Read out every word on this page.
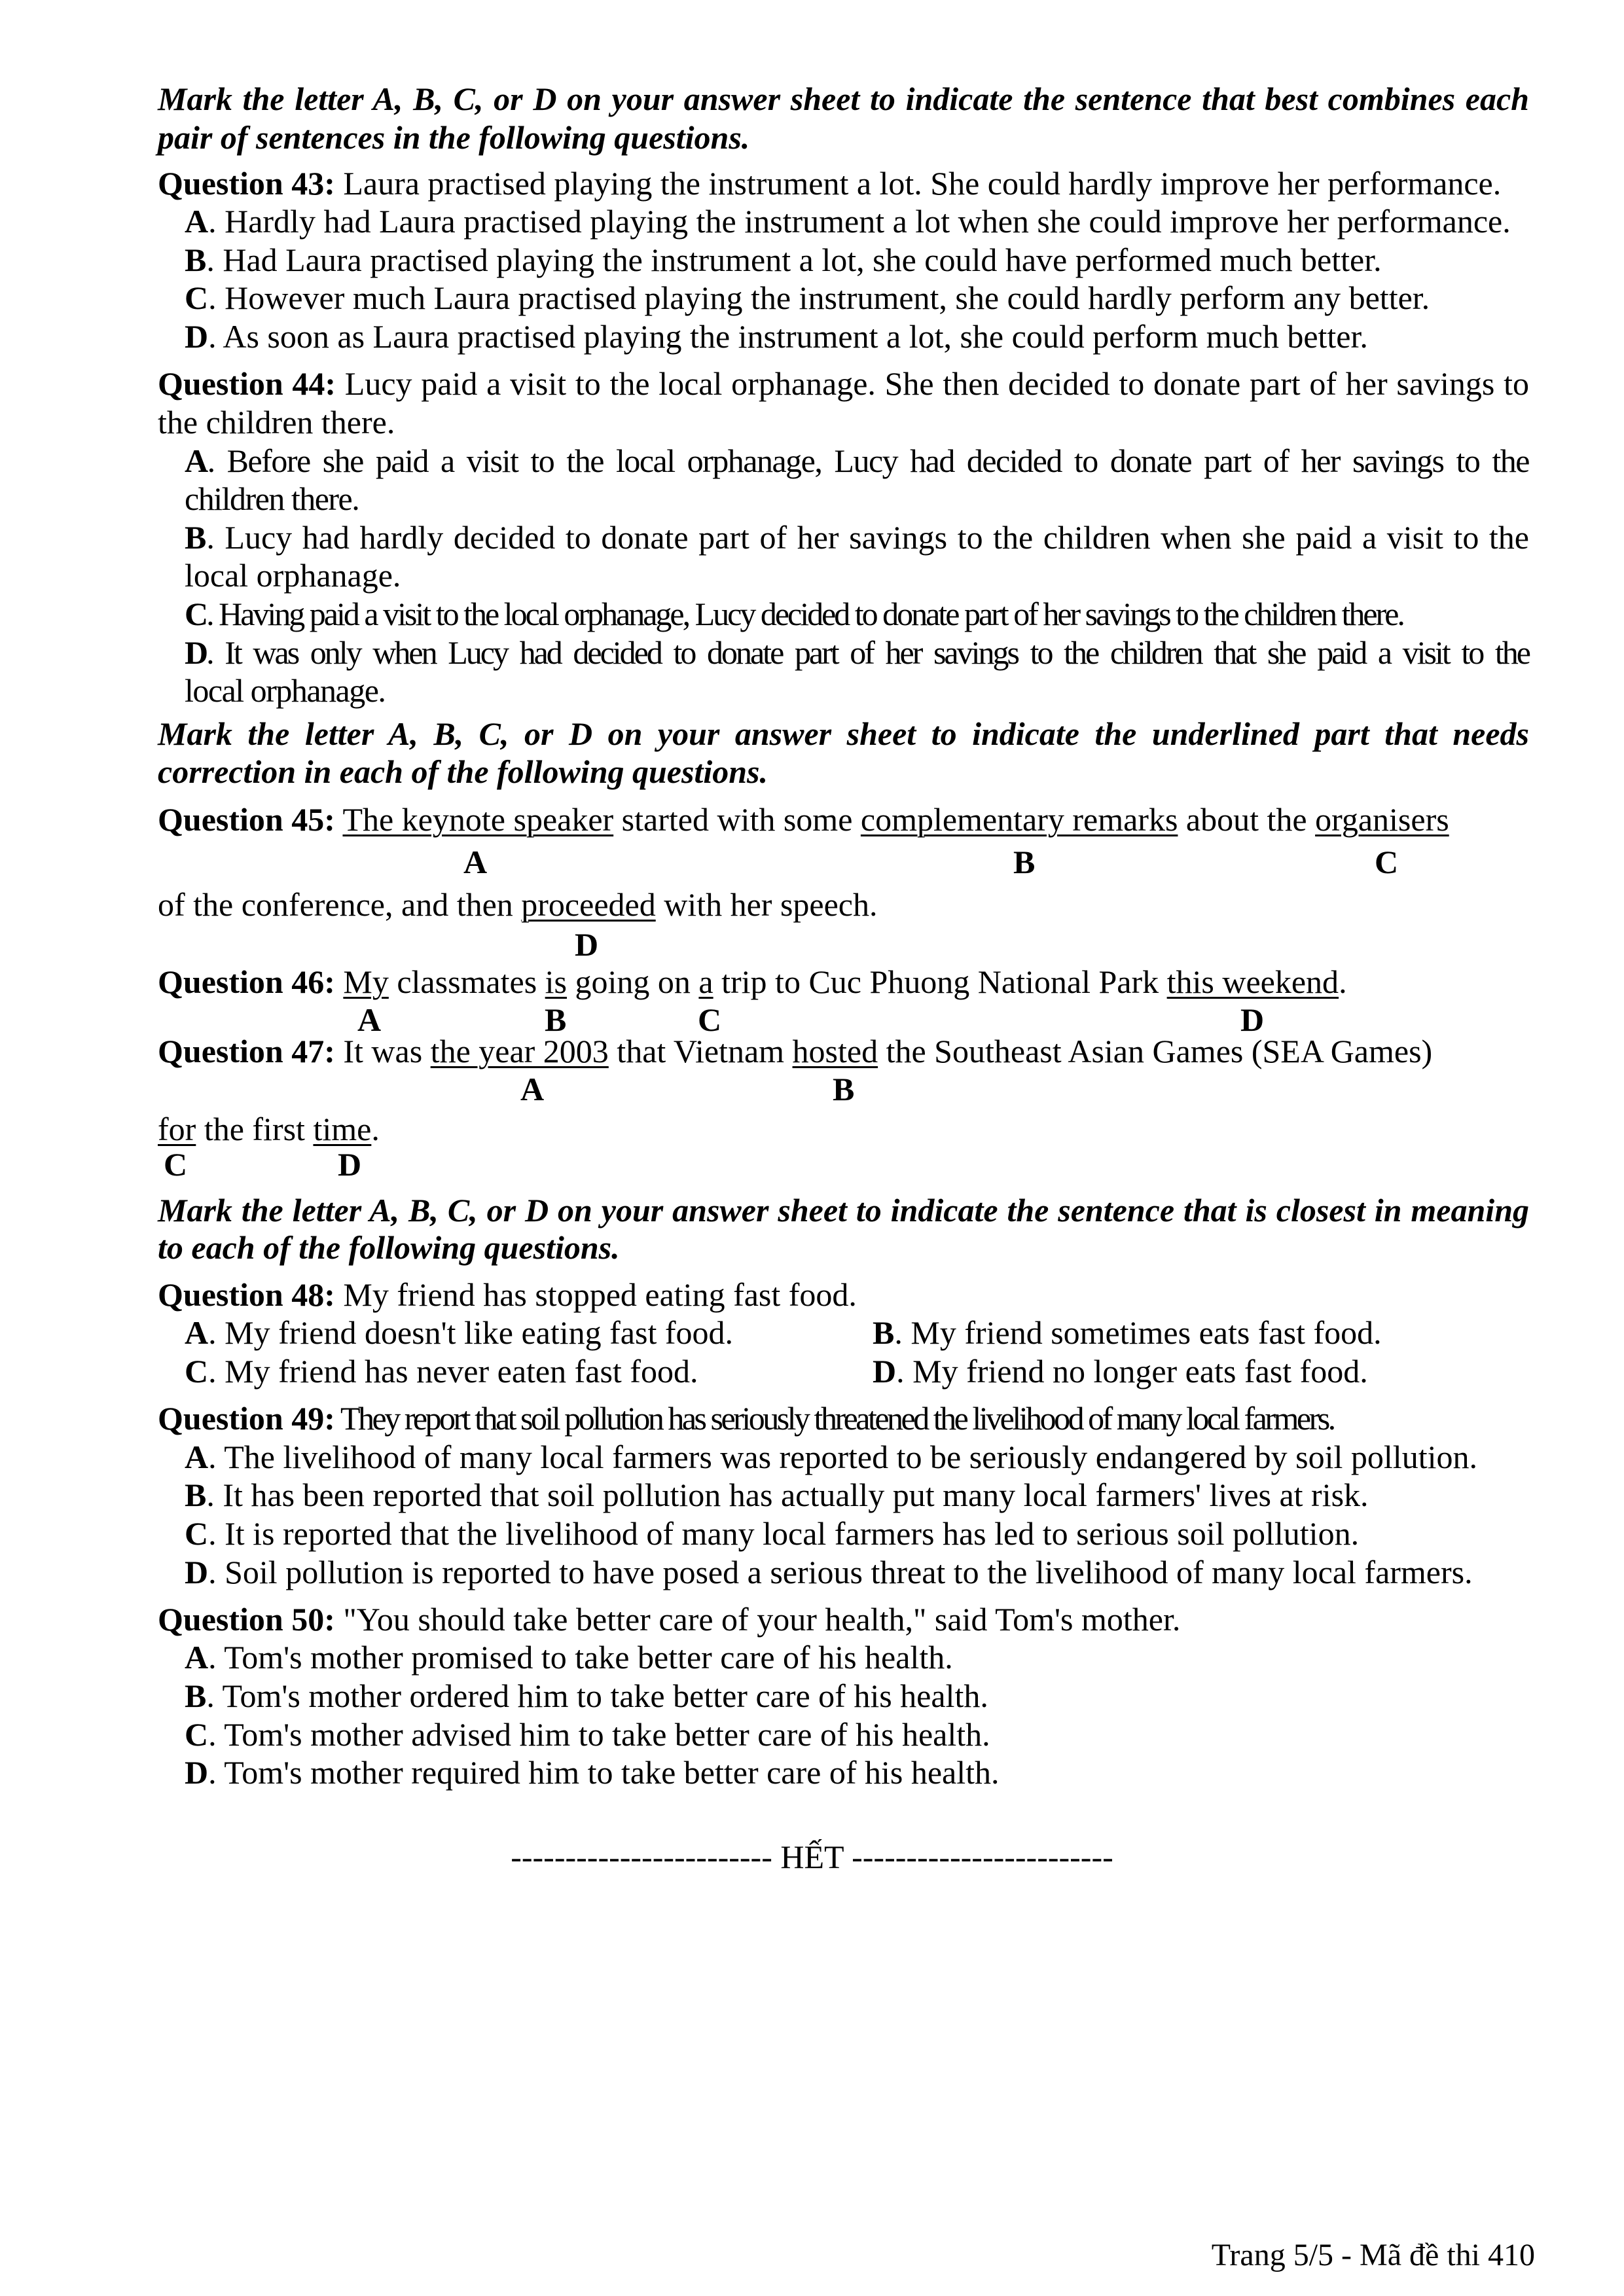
Mark the letter A, B, C, or D on your answer sheet to indicate the sentence that best combines each
pair of sentences in the following questions.
Question 43: Laura practised playing the instrument a lot. She could hardly improve her performance.
A. Hardly had Laura practised playing the instrument a lot when she could improve her performance.
B. Had Laura practised playing the instrument a lot, she could have performed much better.
C. However much Laura practised playing the instrument, she could hardly perform any better.
D. As soon as Laura practised playing the instrument a lot, she could perform much better.
Question 44: Lucy paid a visit to the local orphanage. She then decided to donate part of her savings to
the children there.
A. Before she paid a visit to the local orphanage, Lucy had decided to donate part of her savings to the
children there.
B. Lucy had hardly decided to donate part of her savings to the children when she paid a visit to the
local orphanage.
C. Having paid a visit to the local orphanage, Lucy decided to donate part of her savings to the children there.
D. It was only when Lucy had decided to donate part of her savings to the children that she paid a visit to the
local orphanage.
Mark the letter A, B, C, or D on your answer sheet to indicate the underlined part that needs
correction in each of the following questions.
Question 45: The keynote speaker started with some complementary remarks about the organisers
A	B	C
of the conference, and then proceeded with her speech.
D
Question 46: My classmates is going on a trip to Cuc Phuong National Park this weekend.
A	B	C	D
Question 47: It was the year 2003 that Vietnam hosted the Southeast Asian Games (SEA Games)
A	B
for the first time.
C	D
Mark the letter A, B, C, or D on your answer sheet to indicate the sentence that is closest in meaning
to each of the following questions.
Question 48: My friend has stopped eating fast food.
A. My friend doesn't like eating fast food.	B. My friend sometimes eats fast food.
C. My friend has never eaten fast food.	D. My friend no longer eats fast food.
Question 49: They report that soil pollution has seriously threatened the livelihood of many local farmers.
A. The livelihood of many local farmers was reported to be seriously endangered by soil pollution.
B. It has been reported that soil pollution has actually put many local farmers' lives at risk.
C. It is reported that the livelihood of many local farmers has led to serious soil pollution.
D. Soil pollution is reported to have posed a serious threat to the livelihood of many local farmers.
Question 50: "You should take better care of your health," said Tom's mother.
A. Tom's mother promised to take better care of his health.
B. Tom's mother ordered him to take better care of his health.
C. Tom's mother advised him to take better care of his health.
D. Tom's mother required him to take better care of his health.
------------------------ HẾT ------------------------
Trang 5/5 - Mã đề thi 410
